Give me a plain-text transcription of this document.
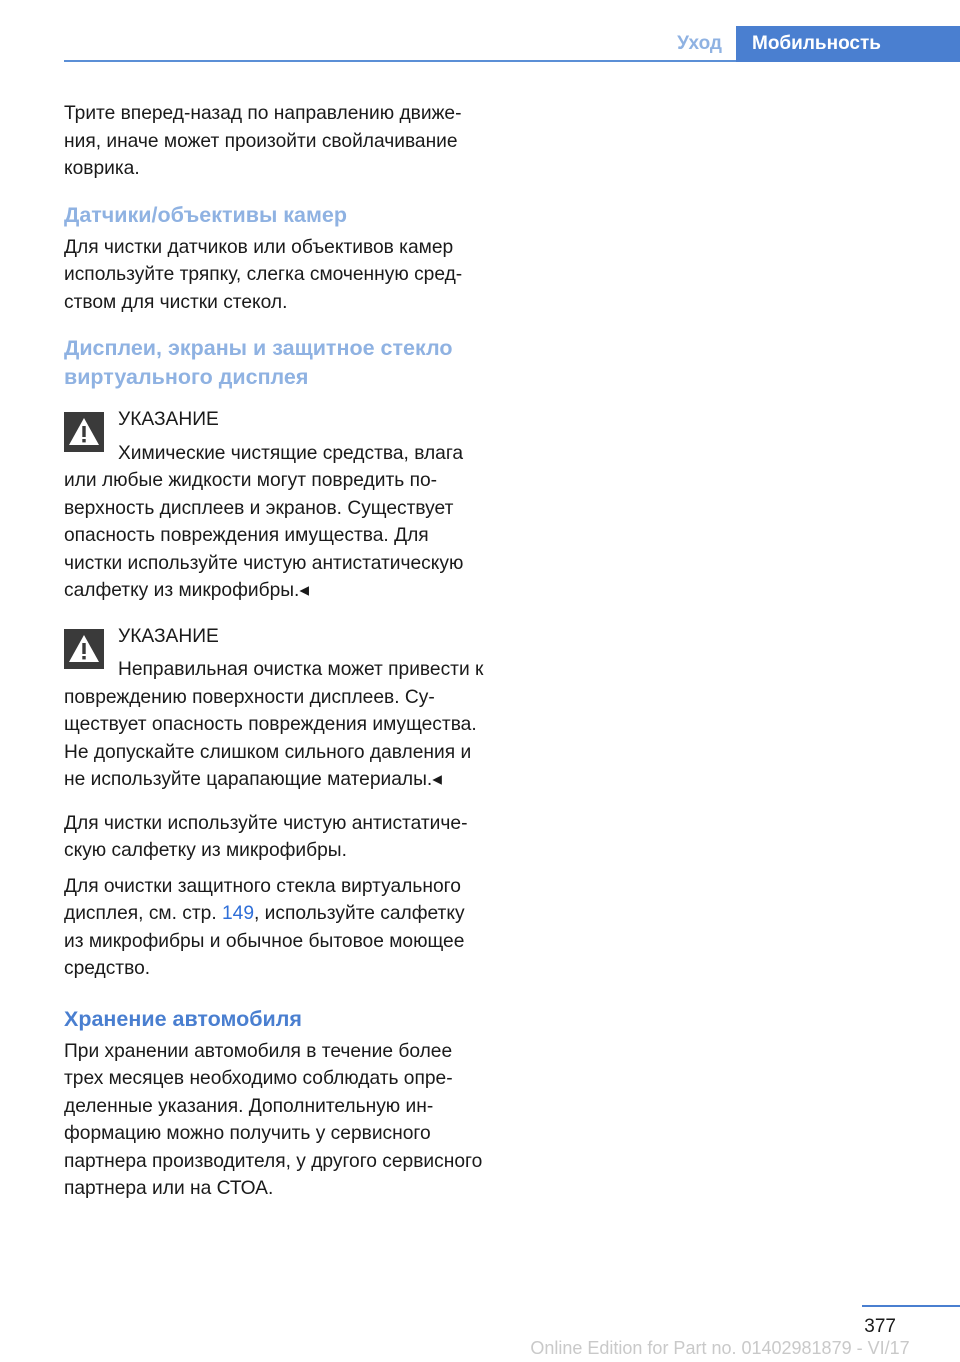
Уход	Мобильность

Трите вперед-назад по направлению движения, иначе может произойти свойлачивание коврика.

Датчики/объективы камер

Для чистки датчиков или объективов камер используйте тряпку, слегка смоченную средством для чистки стекол.

Дисплеи, экраны и защитное стекло виртуального дисплея

УКАЗАНИЕ

Химические чистящие средства, влага или любые жидкости могут повредить поверхность дисплеев и экранов. Существует опасность повреждения имущества. Для чистки используйте чистую антистатическую салфетку из микрофибры.◂

УКАЗАНИЕ

Неправильная очистка может привести к повреждению поверхности дисплеев. Существует опасность повреждения имущества. Не допускайте слишком сильного давления и не используйте царапающие материалы.◂

Для чистки используйте чистую антистатическую салфетку из микрофибры.

Для очистки защитного стекла виртуального дисплея, см. стр. 149, используйте салфетку из микрофибры и обычное бытовое моющее средство.

Хранение автомобиля

При хранении автомобиля в течение более трех месяцев необходимо соблюдать определенные указания. Дополнительную информацию можно получить у сервисного партнера производителя, у другого сервисного партнера или на СТОА.

377
Online Edition for Part no. 01402981879 - VI/17
